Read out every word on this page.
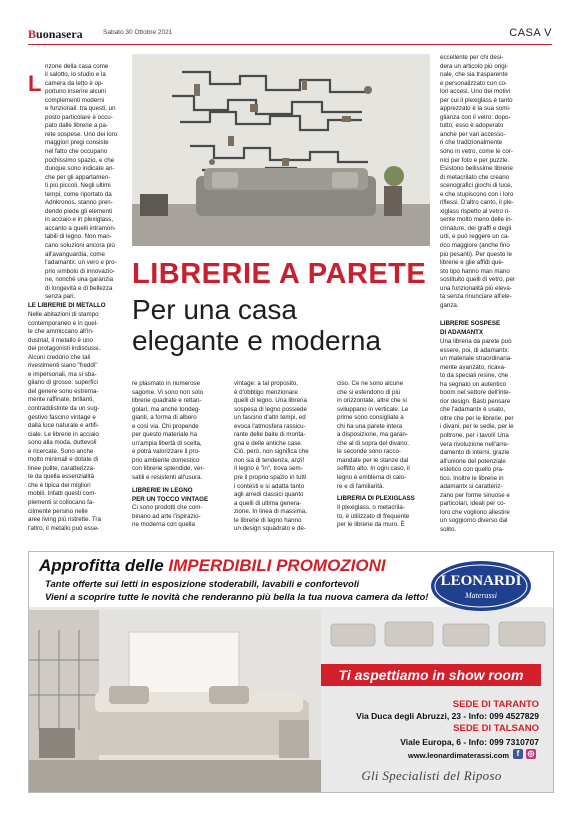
Buonasera	Sabato 30 Ottobre 2021	CASA V
L

nzone della casa come
il salotto, lo studio e la
camera da letto è op-
portuno inserire alcuni
complementi moderni
e funzionali: tra questi, un
posto particolare è occu-
pato dalle librerie a pa-
rete sospese. Uno dei loro
maggiori pregi consiste
nel fatto che occupano
pochissimo spazio, e che
dunque sono indicate an-
che per gli appartamen-
ti più piccoli. Negli ultimi
tempi, come riportato da
Adnkronos, stanno pren-
dendo piede gli elementi
in acciaio e in plexiglass,
accanto a quelli intramon-
tabili di legno. Non man-
cano soluzioni ancora più
all'avanguardia, come
l'adamantx: un vero e pro-
prio simbolo di innovazio-
ne, nonché una garanzia
di longevità e di bellezza
senza pari.

LE LIBRERIE DI METALLO
Nelle abitazioni di stampo
contemporaneo e in quel-
le che ammiccano all'in-
dustrial, il metallo è uno
dei protagonisti indiscussi.
Alcuni credono che tali
rivestimenti siano "freddi"
e impersonali, ma si sba-
gliano di grosso: superfici
del genere sono estrema-
mente raffinate, brillanti,
contraddistinte da un sug-
gestivo fascino vintage e
dalla luce naturale e artifi-
ciale. Le librerie in acciaio
sono alla moda, duttevoli
e ricercate. Sono anche
molto minimali e dotate di
linee pulite, caratterizza-
te da quella essenzialità
che è tipica dei migliori
mobili. Infatti questi com-
plementi si collocano fa-
cilmente persino nelle
aree living più ristrette. Tra
l'altro, il metallo può esse-
LIBRERIE A PARETE
Per una casa
elegante e moderna
re plasmato in numerose
sagome. Vi sono non solo
librerie quadrate e rettan-
golari, ma anche tondeg-
gianti, a forma di albero
e così via. Chi propende
per questo materiale ha
un'ampia libertà di scelta,
e potrà valorizzare il pro-
prio ambiente domestico
con librerie splendide, ver-
satili e resistenti all'usura.
LIBRERIE IN LEGNO
PER UN TOCCO VINTAGE
Ci sono prodotti che com-
binano ad arte l'ispirazio-
ne moderna con quella
vintage: a tal proposito,
è d'obbligo menzionare
quelli di legno. Una libreria
sospesa di legno possiede
un fascino d'altri tempi, ed
evoca l'atmosfera rassicu-
rante delle baite di monta-
gna e delle antiche case.
Ciò, però, non significa che
non sia di tendenza, anzi!
Il legno è "in", trova sem-
pre il proprio spazio in tutti
i contesti e si adatta tanto
agli arredi classici quanto
a quelli di ultima genera-
zione. In linea di massima,
le librerie di legno hanno
un design squadrato e de-
ciso. Ce ne sono alcune
che si estendono di più
in orizzontale, altre che si
sviluppano in verticale. Le
prime sono consigliate a
chi ha una parete intera
a disposizione, ma garan-
che al di sopra del divano;
le seconde sono racco-
mandate per le stanze dal
soffitto alto. In ogni caso, il
legno è emblema di calo-
re e di familiarità.
LIBRERIA DI PLEXIGLASS
Il plexiglass, o metacrila-
to, è utilizzato di frequente
per le librerie da muro. È
eccellente per chi desi-
dera un articolo più origi-
nale, che sia trasparente
e personalizzato con co-
lori accesi. Uno dei motivi
per cui il plexiglass è tanto
apprezzato è la sua somi-
glianza con il vetro: dopo-
tutto, esso è adoperato
anche per vari accesso-
ri che tradizionalmente
sono in vetro, come le cor-
nici per foto e per puzzle.
Esistono bellissime librerie
di metacrilato che creano
scenografici giochi di luce,
e che stupiscono con i loro
riflessi. D'altro canto, il ple-
xiglass rispetto al vetro ri-
sente molto meno delle in-
crinature, dei graffi e degli
urti, e può reggere un ca-
rico maggiore (anche fino
più pesanti). Per questo le
librerie e glie affidi que-
sto tipo hanno man mano
sostituito quelli di vetro, per
una funzionalità più eleva-
ta senza rinunciare all'ele-
ganza.
LIBRERIE SOSPESE
DI ADAMANTX
Una libreria da parete può
essere, poi, di adamantx:
un materiale straordinaria-
mente avanzato, ricava-
to da speciali resine, che
ha segnato un autentico
boom nel settore dell'inte-
rior design. Basti pensare
che l'adamantx è usato,
oltre che per le librerie, per
i divani, per le sedie, per le
poltrone, per i tavoli! Una
vera rivoluzione nell'arre-
damento di interni, grazie
all'unione del potenziale
estetico con quello pra-
tico. Inoltre le librerie in
adamantx si caratteriz-
zano per forme sinuose e
particolari, ideali per co-
loro che vogliono allestire
un soggiorno diverso dal
solito.
Approfitta delle IMPERDIBILI PROMOZIONI
Tante offerte sui letti in esposizione stoderabili, lavabili e confortevoli
Vieni a scoprire tutte le novità che renderanno più bella la tua nuova camera da letto!
LEONARDI
Materassi
Ti aspettiamo in show room
SEDE DI TARANTO
Via Duca degli Abruzzi, 23 - Info: 099 4527829
SEDE DI TALSANO
Viale Europa, 6 - Info: 099 7310707
www.leonardimaterassi.com f	◎
Gli Specialisti del Riposo
